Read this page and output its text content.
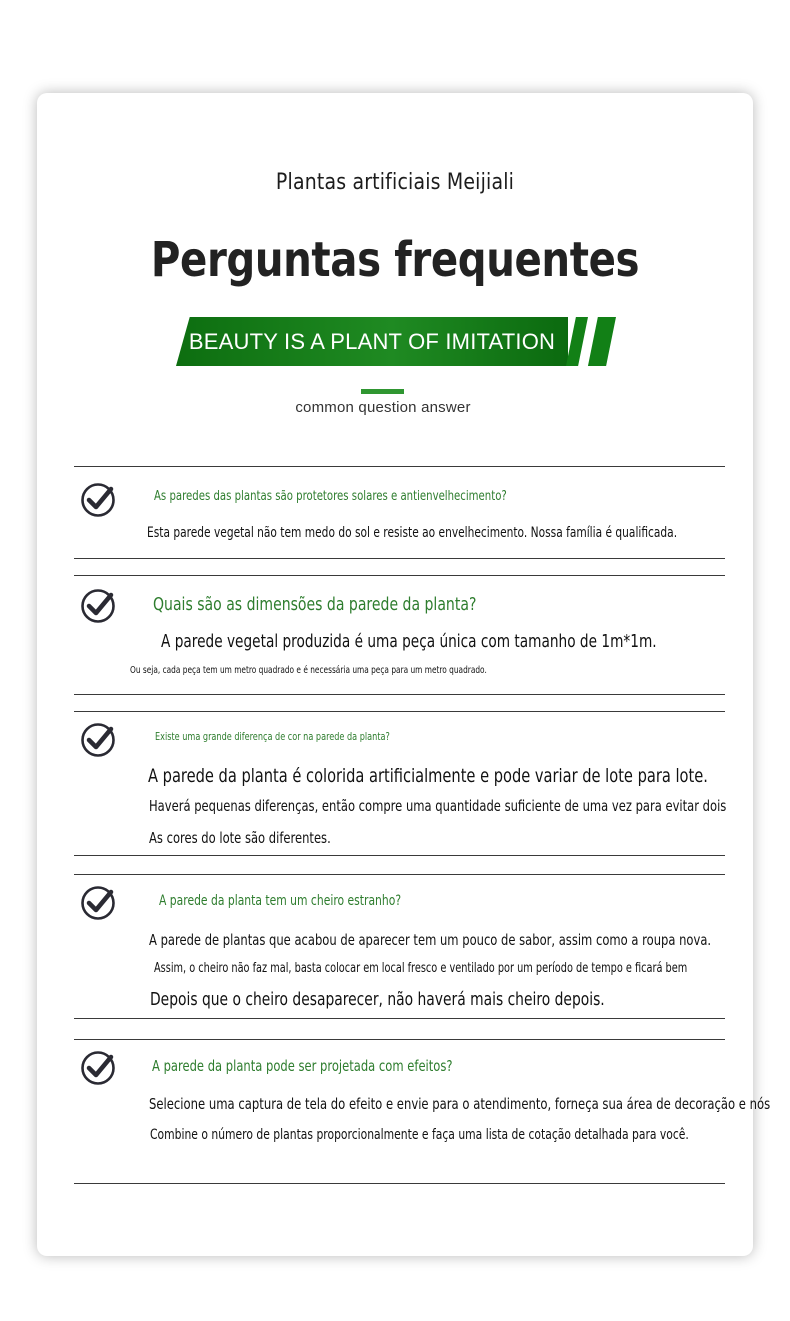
Plantas artificiais Meijiali
Perguntas frequentes
BEAUTY IS A PLANT OF IMITATION
common question answer
As paredes das plantas são protetores solares e antienvelhecimento?
Esta parede vegetal não tem medo do sol e resiste ao envelhecimento. Nossa família é qualificada.
Quais são as dimensões da parede da planta?
A parede vegetal produzida é uma peça única com tamanho de 1m*1m.
Ou seja, cada peça tem um metro quadrado e é necessária uma peça para um metro quadrado.
Existe uma grande diferença de cor na parede da planta?
A parede da planta é colorida artificialmente e pode variar de lote para lote.
Haverá pequenas diferenças, então compre uma quantidade suficiente de uma vez para evitar dois
As cores do lote são diferentes.
A parede da planta tem um cheiro estranho?
A parede de plantas que acabou de aparecer tem um pouco de sabor, assim como a roupa nova.
Assim, o cheiro não faz mal, basta colocar em local fresco e ventilado por um período de tempo e ficará bem
Depois que o cheiro desaparecer, não haverá mais cheiro depois.
A parede da planta pode ser projetada com efeitos?
Selecione uma captura de tela do efeito e envie para o atendimento, forneça sua área de decoração e nós
Combine o número de plantas proporcionalmente e faça uma lista de cotação detalhada para você.
